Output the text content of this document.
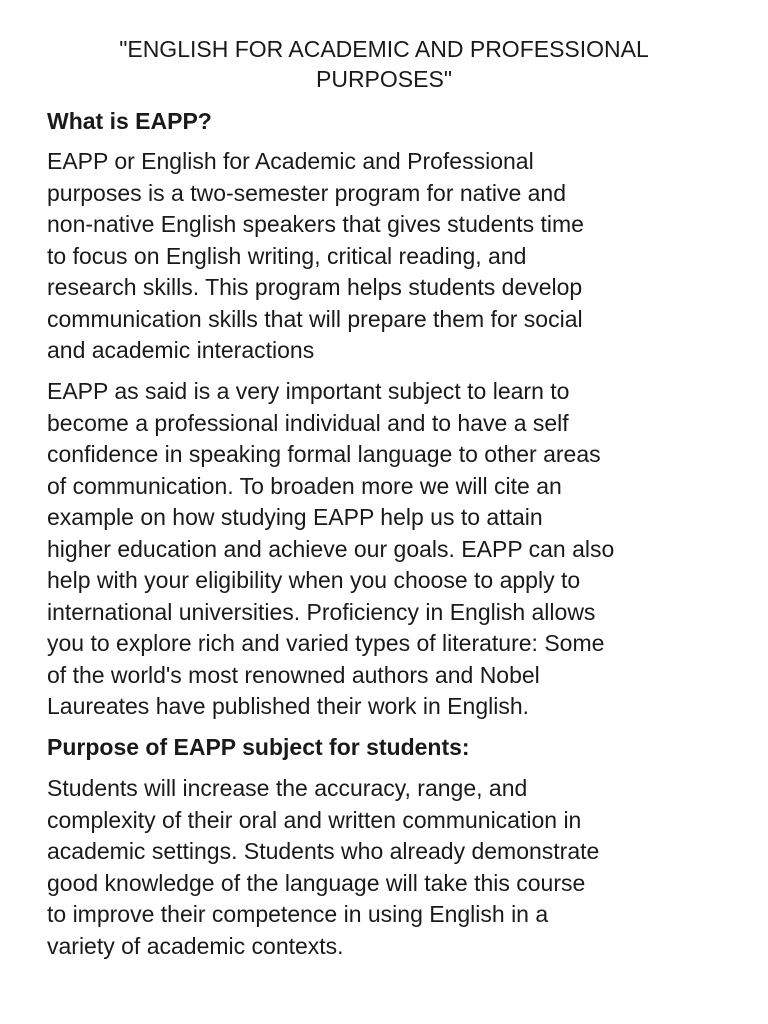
"ENGLISH FOR ACADEMIC AND PROFESSIONAL
PURPOSES"
What is EAPP?

EAPP or English for Academic and Professional
purposes is a two-semester program for native and
non-native English speakers that gives students time
to focus on English writing, critical reading, and
research skills. This program helps students develop
communication skills that will prepare them for social
and academic interactions

EAPP as said is a very important subject to learn to
become a professional individual and to have a self
confidence in speaking formal language to other areas
of communication. To broaden more we will cite an
example on how studying EAPP help us to attain
higher education and achieve our goals. EAPP can also
help with your eligibility when you choose to apply to
international universities. Proficiency in English allows
you to explore rich and varied types of literature: Some
of the world's most renowned authors and Nobel
Laureates have published their work in English.

Purpose of EAPP subject for students:

Students will increase the accuracy, range, and
complexity of their oral and written communication in
academic settings. Students who already demonstrate
good knowledge of the language will take this course
to improve their competence in using English in a
variety of academic contexts.
